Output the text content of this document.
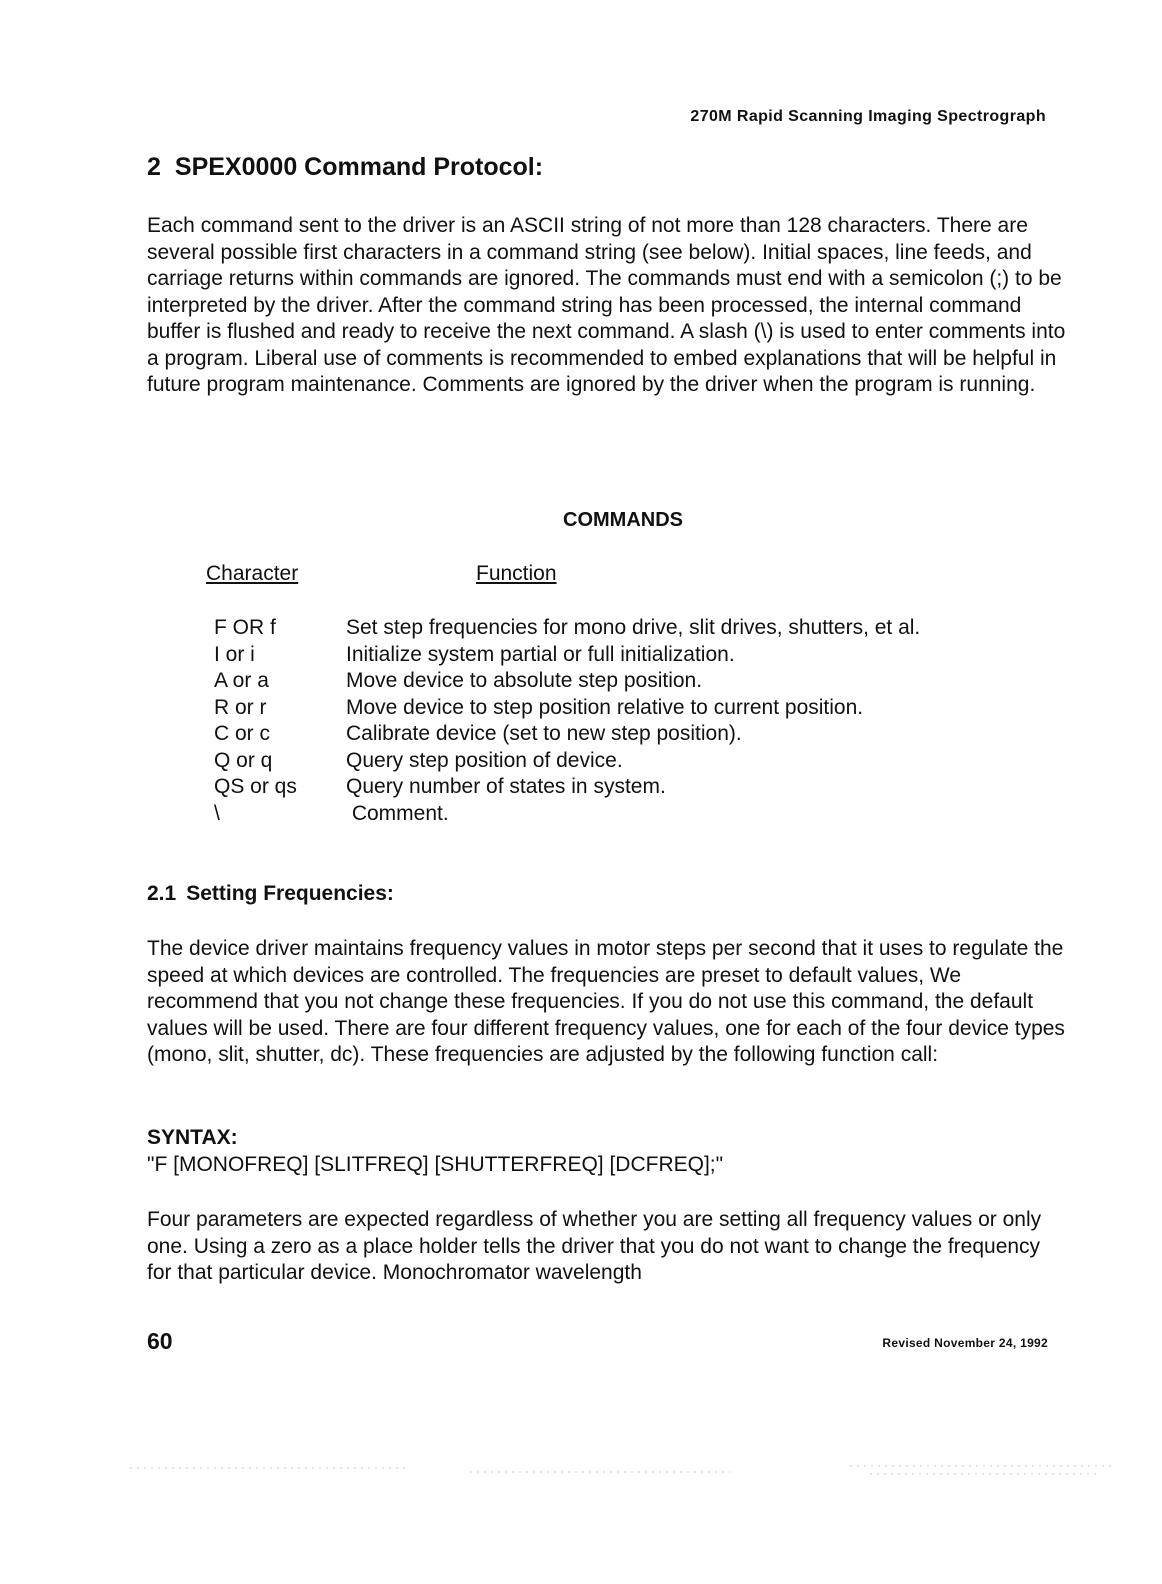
270M Rapid Scanning Imaging Spectrograph
2 SPEX0000 Command Protocol:

Each command sent to the driver is an ASCII string of not more than 128 characters. There are several possible first characters in a command string (see below). Initial spaces, line feeds, and carriage returns within commands are ignored. The commands must end with a semicolon (;) to be interpreted by the driver. After the command string has been processed, the internal command buffer is flushed and ready to receive the next command. A slash (\) is used to enter comments into a program. Liberal use of comments is recommended to embed explanations that will be helpful in future program maintenance. Comments are ignored by the driver when the program is running.

COMMANDS
Character	Function
F OR f	Set step frequencies for mono drive, slit drives, shutters, et al.
I or i	Initialize system partial or full initialization.
A or a	Move device to absolute step position.
R or r	Move device to step position relative to current position.
C or c	Calibrate device (set to new step position).
Q or q	Query step position of device.
QS or qs Query number of states in system.
\	Comment.
2.1 Setting Frequencies:

The device driver maintains frequency values in motor steps per second that it uses to regulate the speed at which devices are controlled. The frequencies are preset to default values, We recommend that you not change these frequencies. If you do not use this command, the default values will be used. There are four different frequency values, one for each of the four device types (mono, slit, shutter, dc). These frequencies are adjusted by the following function call:

SYNTAX:
"F [MONOFREQ] [SLITFREQ] [SHUTTERFREQ] [DCFREQ];"

Four parameters are expected regardless of whether you are setting all frequency values or only one. Using a zero as a place holder tells the driver that you do not want to change the frequency for that particular device. Monochromator wavelength

60	Revised November 24, 1992
